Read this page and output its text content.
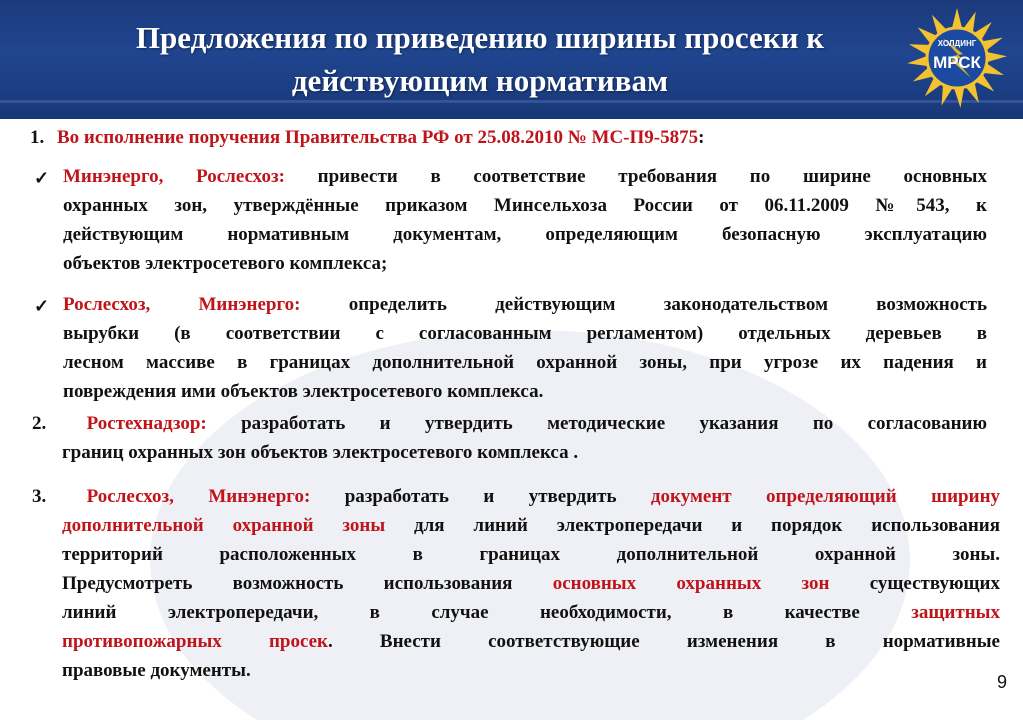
Предложения по приведению ширины просеки к
действующим нормативам
ХОЛДИНГ
МРСК
1. Во исполнение поручения Правительства РФ от 25.08.2010 № МС-П9-5875:
✓ Минэнерго, Рослесхоз: привести в соответствие требования по ширине основных
охранных зон, утверждённые приказом Минсельхоза России от 06.11.2009 №543, к
действующим нормативным документам, определяющим безопасную эксплуатацию
объектов электросетевого комплекса;
✓ Рослесхоз, Минэнерго: определить действующим законодательством возможность
вырубки (в соответствии с согласованным регламентом) отдельных деревьев в
лесном массиве в границах дополнительной охранной зоны, при угрозе их падения и
повреждения ими объектов электросетевого комплекса.
2. Ростехнадзор: разработать и утвердить методические указания по согласованию
границ охранных зон объектов электросетевого комплекса .
3. Рослесхоз, Минэнерго: разработать и утвердить документ определяющий ширину
дополнительной охранной зоны для линий электропередачи и порядок использования
территорий расположенных в границах дополнительной охранной зоны.
Предусмотреть возможность использования основных охранных зон существующих
линий электропередачи, в случае необходимости, в качестве защитных
противопожарных просек. Внести соответствующие изменения в нормативные
правовые документы.
9
